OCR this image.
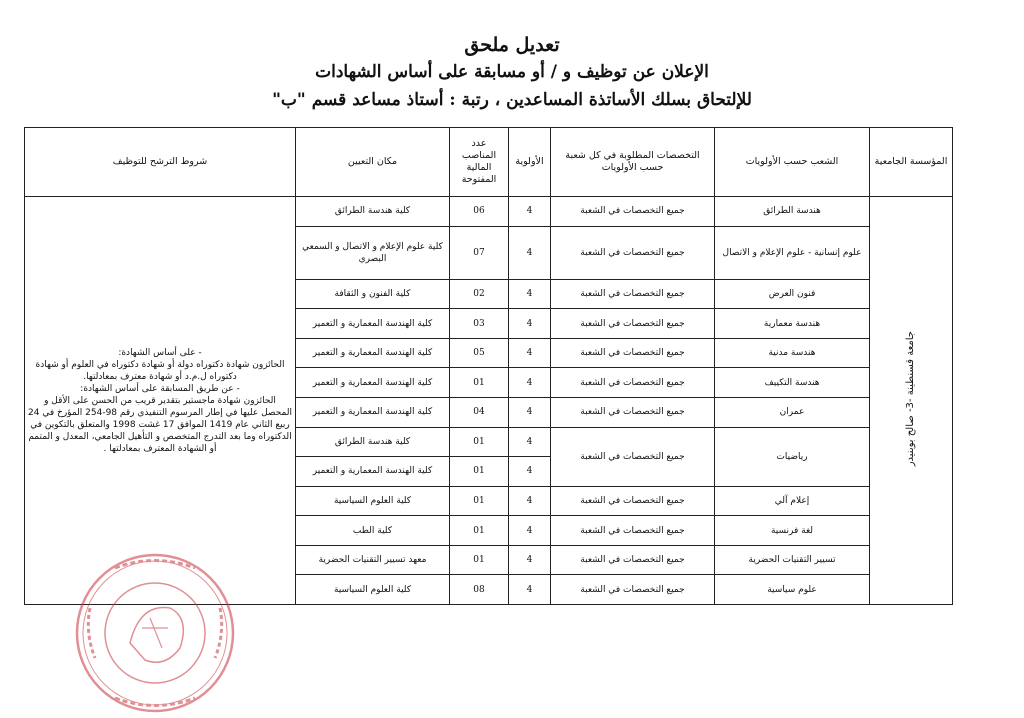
تعديل ملحق
الإعلان عن توظيف و / أو مسابقة على أساس الشهادات
للإلتحاق بسلك الأساتذة المساعدين ، رتبة : أستاذ مساعد قسم "ب"
المؤسسة الجامعية	الشعب حسب الأولويات	التخصصات المطلوبة في كل شعبة حسب الأولويات	الأولوية	عدد المناصب المالية المفتوحة	مكان التعيين	شروط الترشح للتوظيف
جامعة قسنطينة -3- صالح بوبنيدر	هندسة الطرائق	جميع التخصصات في الشعبة	4	06	كلية هندسة الطرائق	- على أساس الشهادة:
الحائزون شهادة دكتوراه دولة أو شهادة دكتوراه في العلوم أو شهادة دكتوراه ل.م.د أو شهادة معترف بمعادلتها.
- عن طريق المسابقة على أساس الشهادة:
الحائزون شهادة ماجستير بتقدير قريب من الحسن على الأقل و المحصل عليها في إطار المرسوم التنفيذي رقم 98-254 المؤرخ في 24 ربيع الثاني عام 1419 الموافق 17 غشت 1998 والمتعلق بالتكوين في الدكتوراه وما بعد التدرج المتخصص و التأهيل الجامعي، المعدل و المتمم أو الشهادة المعترف بمعادلتها .

	علوم إنسانية - علوم الإعلام و الاتصال	جميع التخصصات في الشعبة	4	07	كلية علوم الإعلام و الاتصال و السمعي البصري	
	فنون العرض	جميع التخصصات في الشعبة	4	02	كلية الفنون و الثقافة	
	هندسة معمارية	جميع التخصصات في الشعبة	4	03	كلية الهندسة المعمارية و التعمير	
	هندسة مدنية	جميع التخصصات في الشعبة	4	05	كلية الهندسة المعمارية و التعمير	
	هندسة التكييف	جميع التخصصات في الشعبة	4	01	كلية الهندسة المعمارية و التعمير	
	عمران	جميع التخصصات في الشعبة	4	04	كلية الهندسة المعمارية و التعمير	
	رياضيات	جميع التخصصات في الشعبة	4	01	كلية هندسة الطرائق	
			4	01	كلية الهندسة المعمارية و التعمير	
	إعلام آلي	جميع التخصصات في الشعبة	4	01	كلية العلوم السياسية	
	لغة فرنسية	جميع التخصصات في الشعبة	4	01	كلية الطب	
	تسيير التقنيات الحضرية	جميع التخصصات في الشعبة	4	01	معهد تسيير التقنيات الحضرية	
	علوم سياسية	جميع التخصصات في الشعبة	4	08	كلية العلوم السياسية	
